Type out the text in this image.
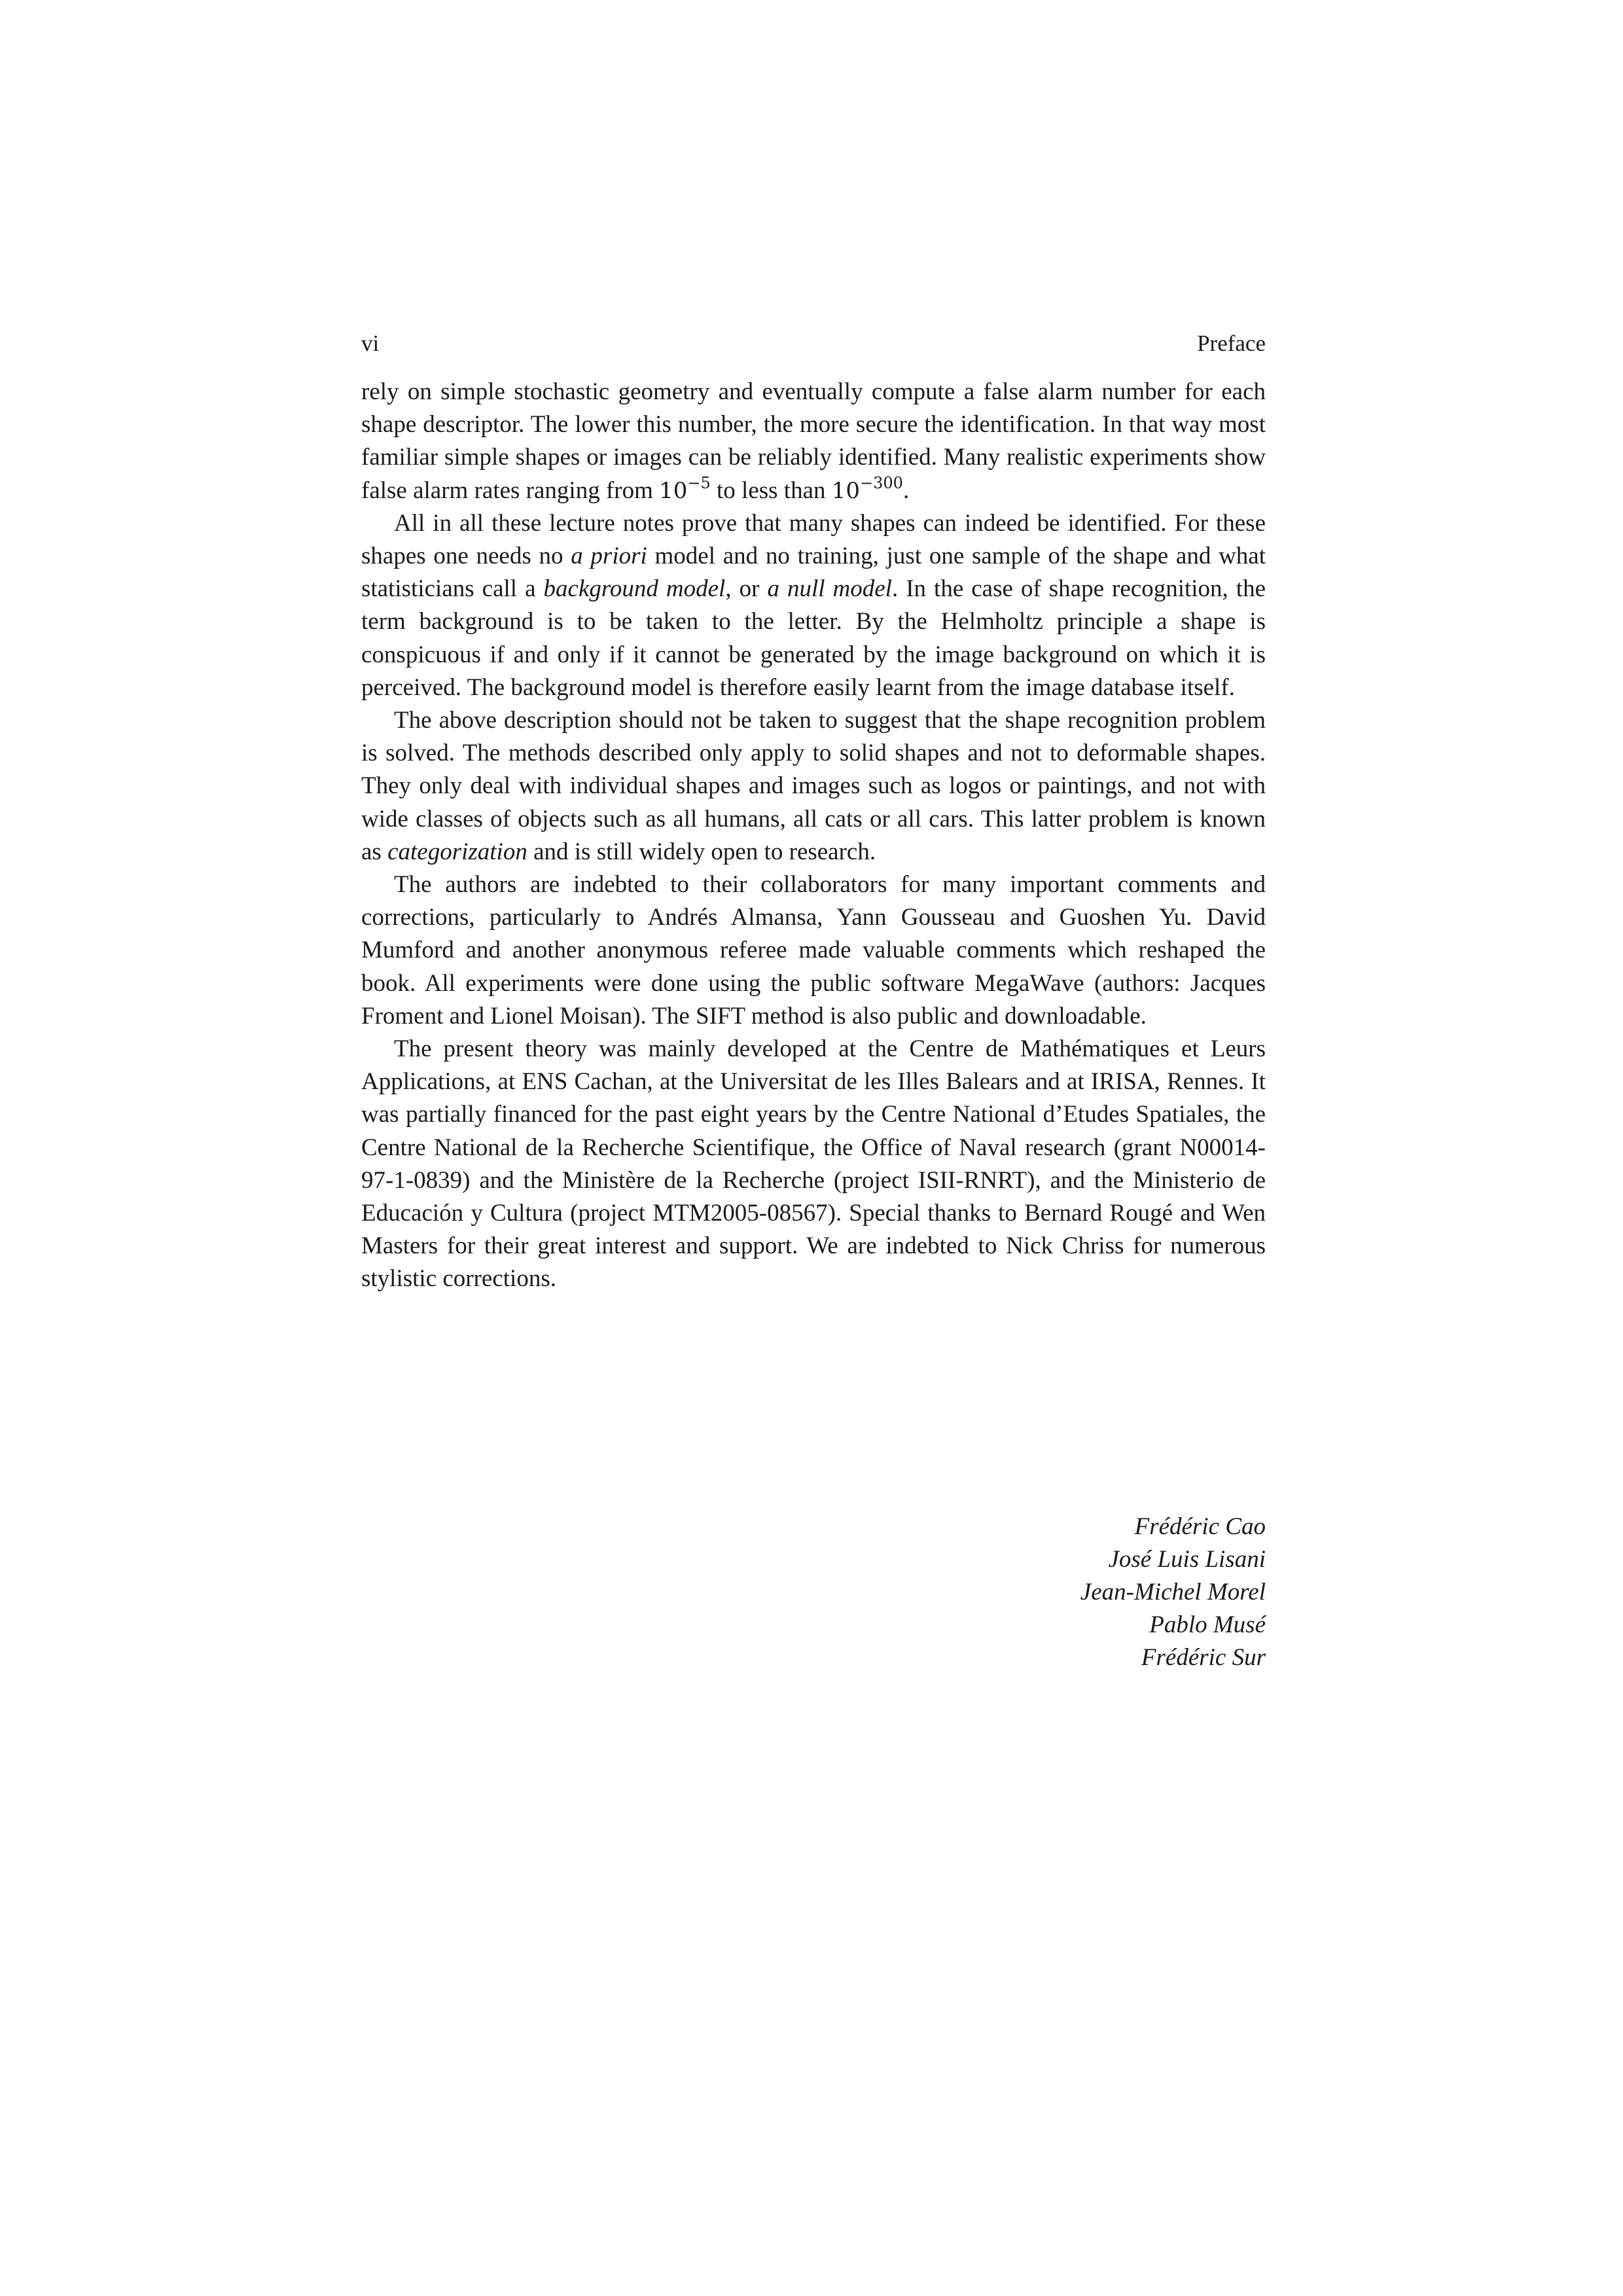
vi	Preface

rely on simple stochastic geometry and eventually compute a false alarm number for each shape descriptor. The lower this number, the more secure the identification. In that way most familiar simple shapes or images can be reliably identified. Many realistic experiments show false alarm rates ranging from $10^{-5}$ to less than $10^{-300}$.

All in all these lecture notes prove that many shapes can indeed be identified. For these shapes one needs no a priori model and no training, just one sample of the shape and what statisticians call a background model, or a null model. In the case of shape recognition, the term background is to be taken to the letter. By the Helmholtz principle a shape is conspicuous if and only if it cannot be generated by the image background on which it is perceived. The background model is therefore easily learnt from the image database itself.

The above description should not be taken to suggest that the shape recognition problem is solved. The methods described only apply to solid shapes and not to deformable shapes. They only deal with individual shapes and images such as logos or paintings, and not with wide classes of objects such as all humans, all cats or all cars. This latter problem is known as categorization and is still widely open to research.

The authors are indebted to their collaborators for many important comments and corrections, particularly to Andrés Almansa, Yann Gousseau and Guoshen Yu. David Mumford and another anonymous referee made valuable comments which reshaped the book. All experiments were done using the public software MegaWave (authors: Jacques Froment and Lionel Moisan). The SIFT method is also public and downloadable.

The present theory was mainly developed at the Centre de Mathématiques et Leurs Applications, at ENS Cachan, at the Universitat de les Illes Balears and at IRISA, Rennes. It was partially financed for the past eight years by the Centre National d’Etudes Spatiales, the Centre National de la Recherche Scientifique, the Office of Naval research (grant N00014-97-1-0839) and the Ministère de la Recherche (project ISII-RNRT), and the Ministerio de Educación y Cultura (project MTM2005-08567). Special thanks to Bernard Rougé and Wen Masters for their great interest and support. We are indebted to Nick Chriss for numerous stylistic corrections.

Frédéric Cao
José Luis Lisani
Jean-Michel Morel
Pablo Musé
Frédéric Sur
